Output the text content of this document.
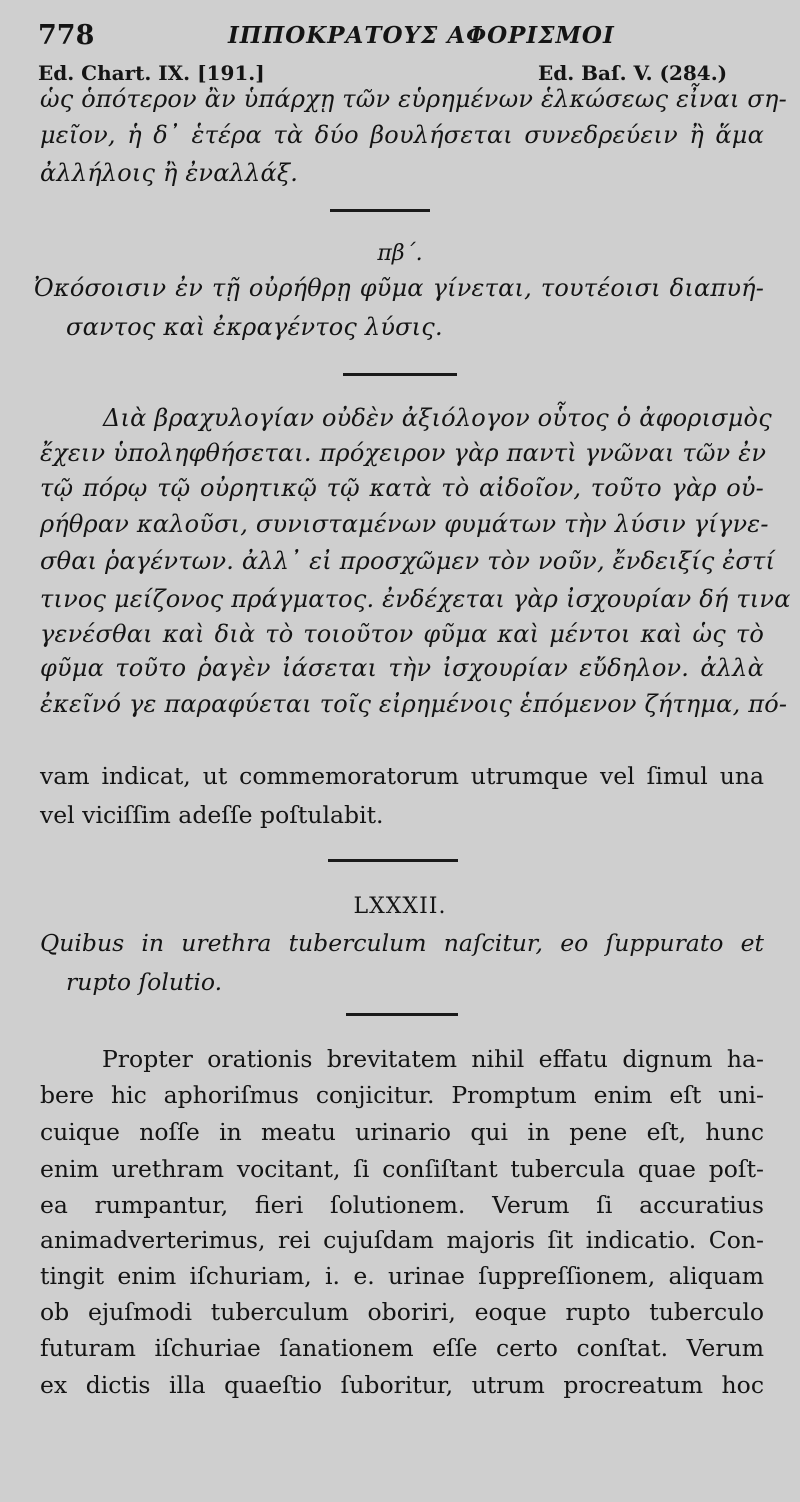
778	ΙΠΠΟΚΡΑΤΟΥΣ ΑΦΟΡΙΣΜΟΙ
Ed. Chart. IX. [191.]	Ed. Baſ. V. (284.)
ὡς ὁπότερον ἂν ὑπάρχῃ τῶν εὑρημένων ἑλκώσεως εἶναι ση-
μεῖον, ἡ δ᾽ ἑτέρα τὰ δύο βουλήσεται συνεδρεύειν ἢ ἅμα
ἀλλήλοις ἢ ἐναλλάξ.
πβ΄.
Ὀκόσοισιν ἐν τῇ οὐρήθρῃ φῦμα γίνεται, τουτέοισι διαπυή-
σαντος καὶ ἐκραγέντος λύσις.
Διὰ βραχυλογίαν οὐδὲν ἀξιόλογον οὗτος ὁ ἀφορισμὸς
ἔχειν ὑποληφθήσεται. πρόχειρον γὰρ παντὶ γνῶναι τῶν ἐν
τῷ πόρῳ τῷ οὐρητικῷ τῷ κατὰ τὸ αἰδοῖον, τοῦτο γὰρ οὐ-
ρήθραν καλοῦσι, συνισταμένων φυμάτων τὴν λύσιν γίγνε-
σθαι ῥαγέντων. ἀλλ᾽ εἰ προσχῶμεν τὸν νοῦν, ἔνδειξίς ἐστί
τινος μείζονος πράγματος. ἐνδέχεται γὰρ ἰσχουρίαν δή τινα
γενέσθαι καὶ διὰ τὸ τοιοῦτον φῦμα καὶ μέντοι καὶ ὡς τὸ
φῦμα τοῦτο ῥαγὲν ἰάσεται τὴν ἰσχουρίαν εὔδηλον. ἀλλὰ
ἐκεῖνό γε παραφύεται τοῖς εἰρημένοις ἑπόμενον ζήτημα, πό-
vam indicat, ut commemoratorum utrumque vel ſimul una
vel viciſſim adeſſe poſtulabit.
LXXXII.
Quibus in urethra tuberculum naſcitur, eo ſuppurato et
rupto ſolutio.
Propter orationis brevitatem nihil effatu dignum ha-
bere hic aphoriſmus conjicitur. Promptum enim eſt uni-
cuique noſſe in meatu urinario qui in pene eſt, hunc
enim urethram vocitant, ſi conſiſtant tubercula quae poſt-
ea rumpantur, fieri ſolutionem. Verum ſi accuratius
animadverterimus, rei cujuſdam majoris ſit indicatio. Con-
tingit enim iſchuriam, i. e. urinae ſuppreſſionem, aliquam
ob ejuſmodi tuberculum oboriri, eoque rupto tuberculo
futuram iſchuriae ſanationem eſſe certo conſtat. Verum
ex dictis illa quaeſtio ſuboritur, utrum procreatum hoc
